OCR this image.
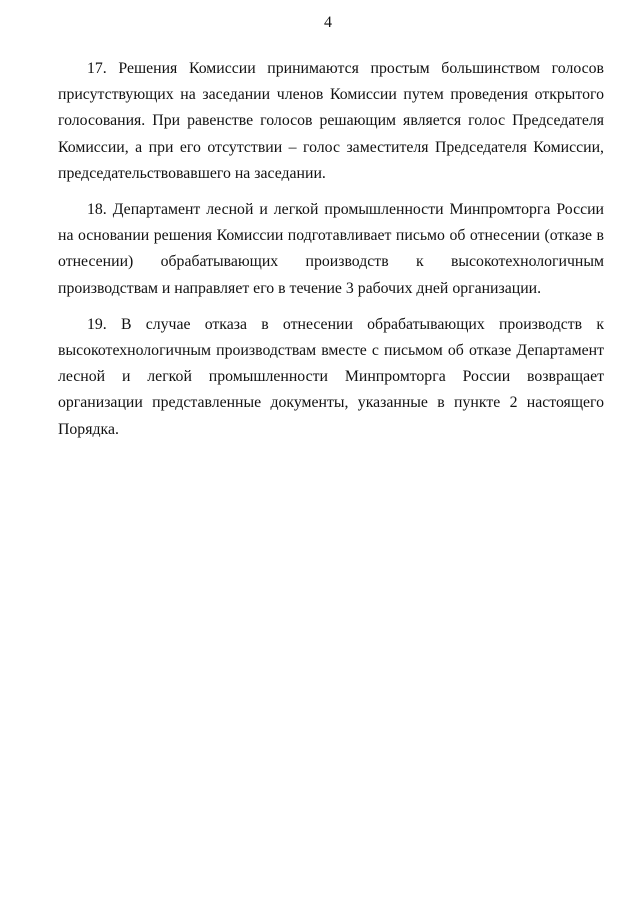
4

17. Решения Комиссии принимаются простым большинством голосов присутствующих на заседании членов Комиссии путем проведения открытого голосования. При равенстве голосов решающим является голос Председателя Комиссии, а при его отсутствии – голос заместителя Председателя Комиссии, председательствовавшего на заседании.

18. Департамент лесной и легкой промышленности Минпромторга России на основании решения Комиссии подготавливает письмо об отнесении (отказе в отнесении) обрабатывающих производств к высокотехнологичным производствам и направляет его в течение 3 рабочих дней организации.

19. В случае отказа в отнесении обрабатывающих производств к высокотехнологичным производствам вместе с письмом об отказе Департамент лесной и легкой промышленности Минпромторга России возвращает организации представленные документы, указанные в пункте 2 настоящего Порядка.
